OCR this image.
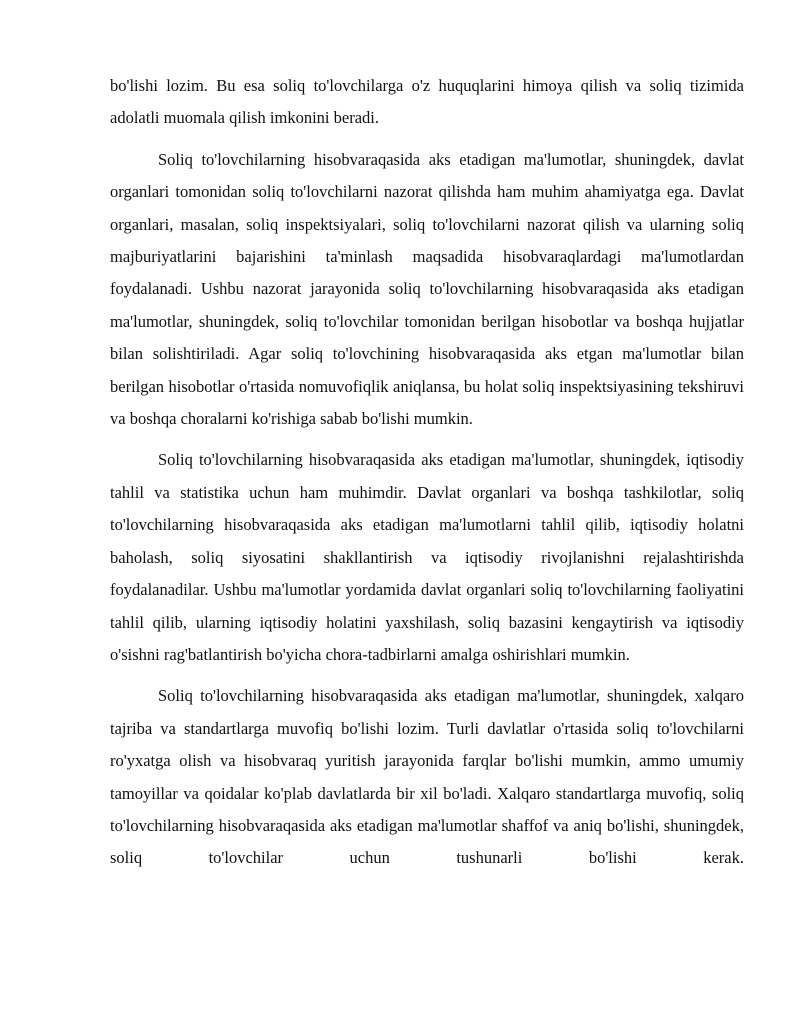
bo'lishi lozim. Bu esa soliq to'lovchilarga o'z huquqlarini himoya qilish va soliq tizimida adolatli muomala qilish imkonini beradi.

Soliq to'lovchilarning hisobvaraqasida aks etadigan ma'lumotlar, shuningdek, davlat organlari tomonidan soliq to'lovchilarni nazorat qilishda ham muhim ahamiyatga ega. Davlat organlari, masalan, soliq inspektsiyalari, soliq to'lovchilarni nazorat qilish va ularning soliq majburiyatlarini bajarishini ta'minlash maqsadida hisobvaraqlardagi ma'lumotlardan foydalanadi. Ushbu nazorat jarayonida soliq to'lovchilarning hisobvaraqasida aks etadigan ma'lumotlar, shuningdek, soliq to'lovchilar tomonidan berilgan hisobotlar va boshqa hujjatlar bilan solishtiriladi. Agar soliq to'lovchining hisobvaraqasida aks etgan ma'lumotlar bilan berilgan hisobotlar o'rtasida nomuvofiqlik aniqlansa, bu holat soliq inspektsiyasining tekshiruvi va boshqa choralarni ko'rishiga sabab bo'lishi mumkin.

Soliq to'lovchilarning hisobvaraqasida aks etadigan ma'lumotlar, shuningdek, iqtisodiy tahlil va statistika uchun ham muhimdir. Davlat organlari va boshqa tashkilotlar, soliq to'lovchilarning hisobvaraqasida aks etadigan ma'lumotlarni tahlil qilib, iqtisodiy holatni baholash, soliq siyosatini shakllantirish va iqtisodiy rivojlanishni rejalashtirishda foydalanadilar. Ushbu ma'lumotlar yordamida davlat organlari soliq to'lovchilarning faoliyatini tahlil qilib, ularning iqtisodiy holatini yaxshilash, soliq bazasini kengaytirish va iqtisodiy o'sishni rag'batlantirish bo'yicha chora-tadbirlarni amalga oshirishlari mumkin.

Soliq to'lovchilarning hisobvaraqasida aks etadigan ma'lumotlar, shuningdek, xalqaro tajriba va standartlarga muvofiq bo'lishi lozim. Turli davlatlar o'rtasida soliq to'lovchilarni ro'yxatga olish va hisobvaraq yuritish jarayonida farqlar bo'lishi mumkin, ammo umumiy tamoyillar va qoidalar ko'plab davlatlarda bir xil bo'ladi. Xalqaro standartlarga muvofiq, soliq to'lovchilarning hisobvaraqasida aks etadigan ma'lumotlar shaffof va aniq bo'lishi, shuningdek, soliq to'lovchilar uchun tushunarli bo'lishi kerak.
